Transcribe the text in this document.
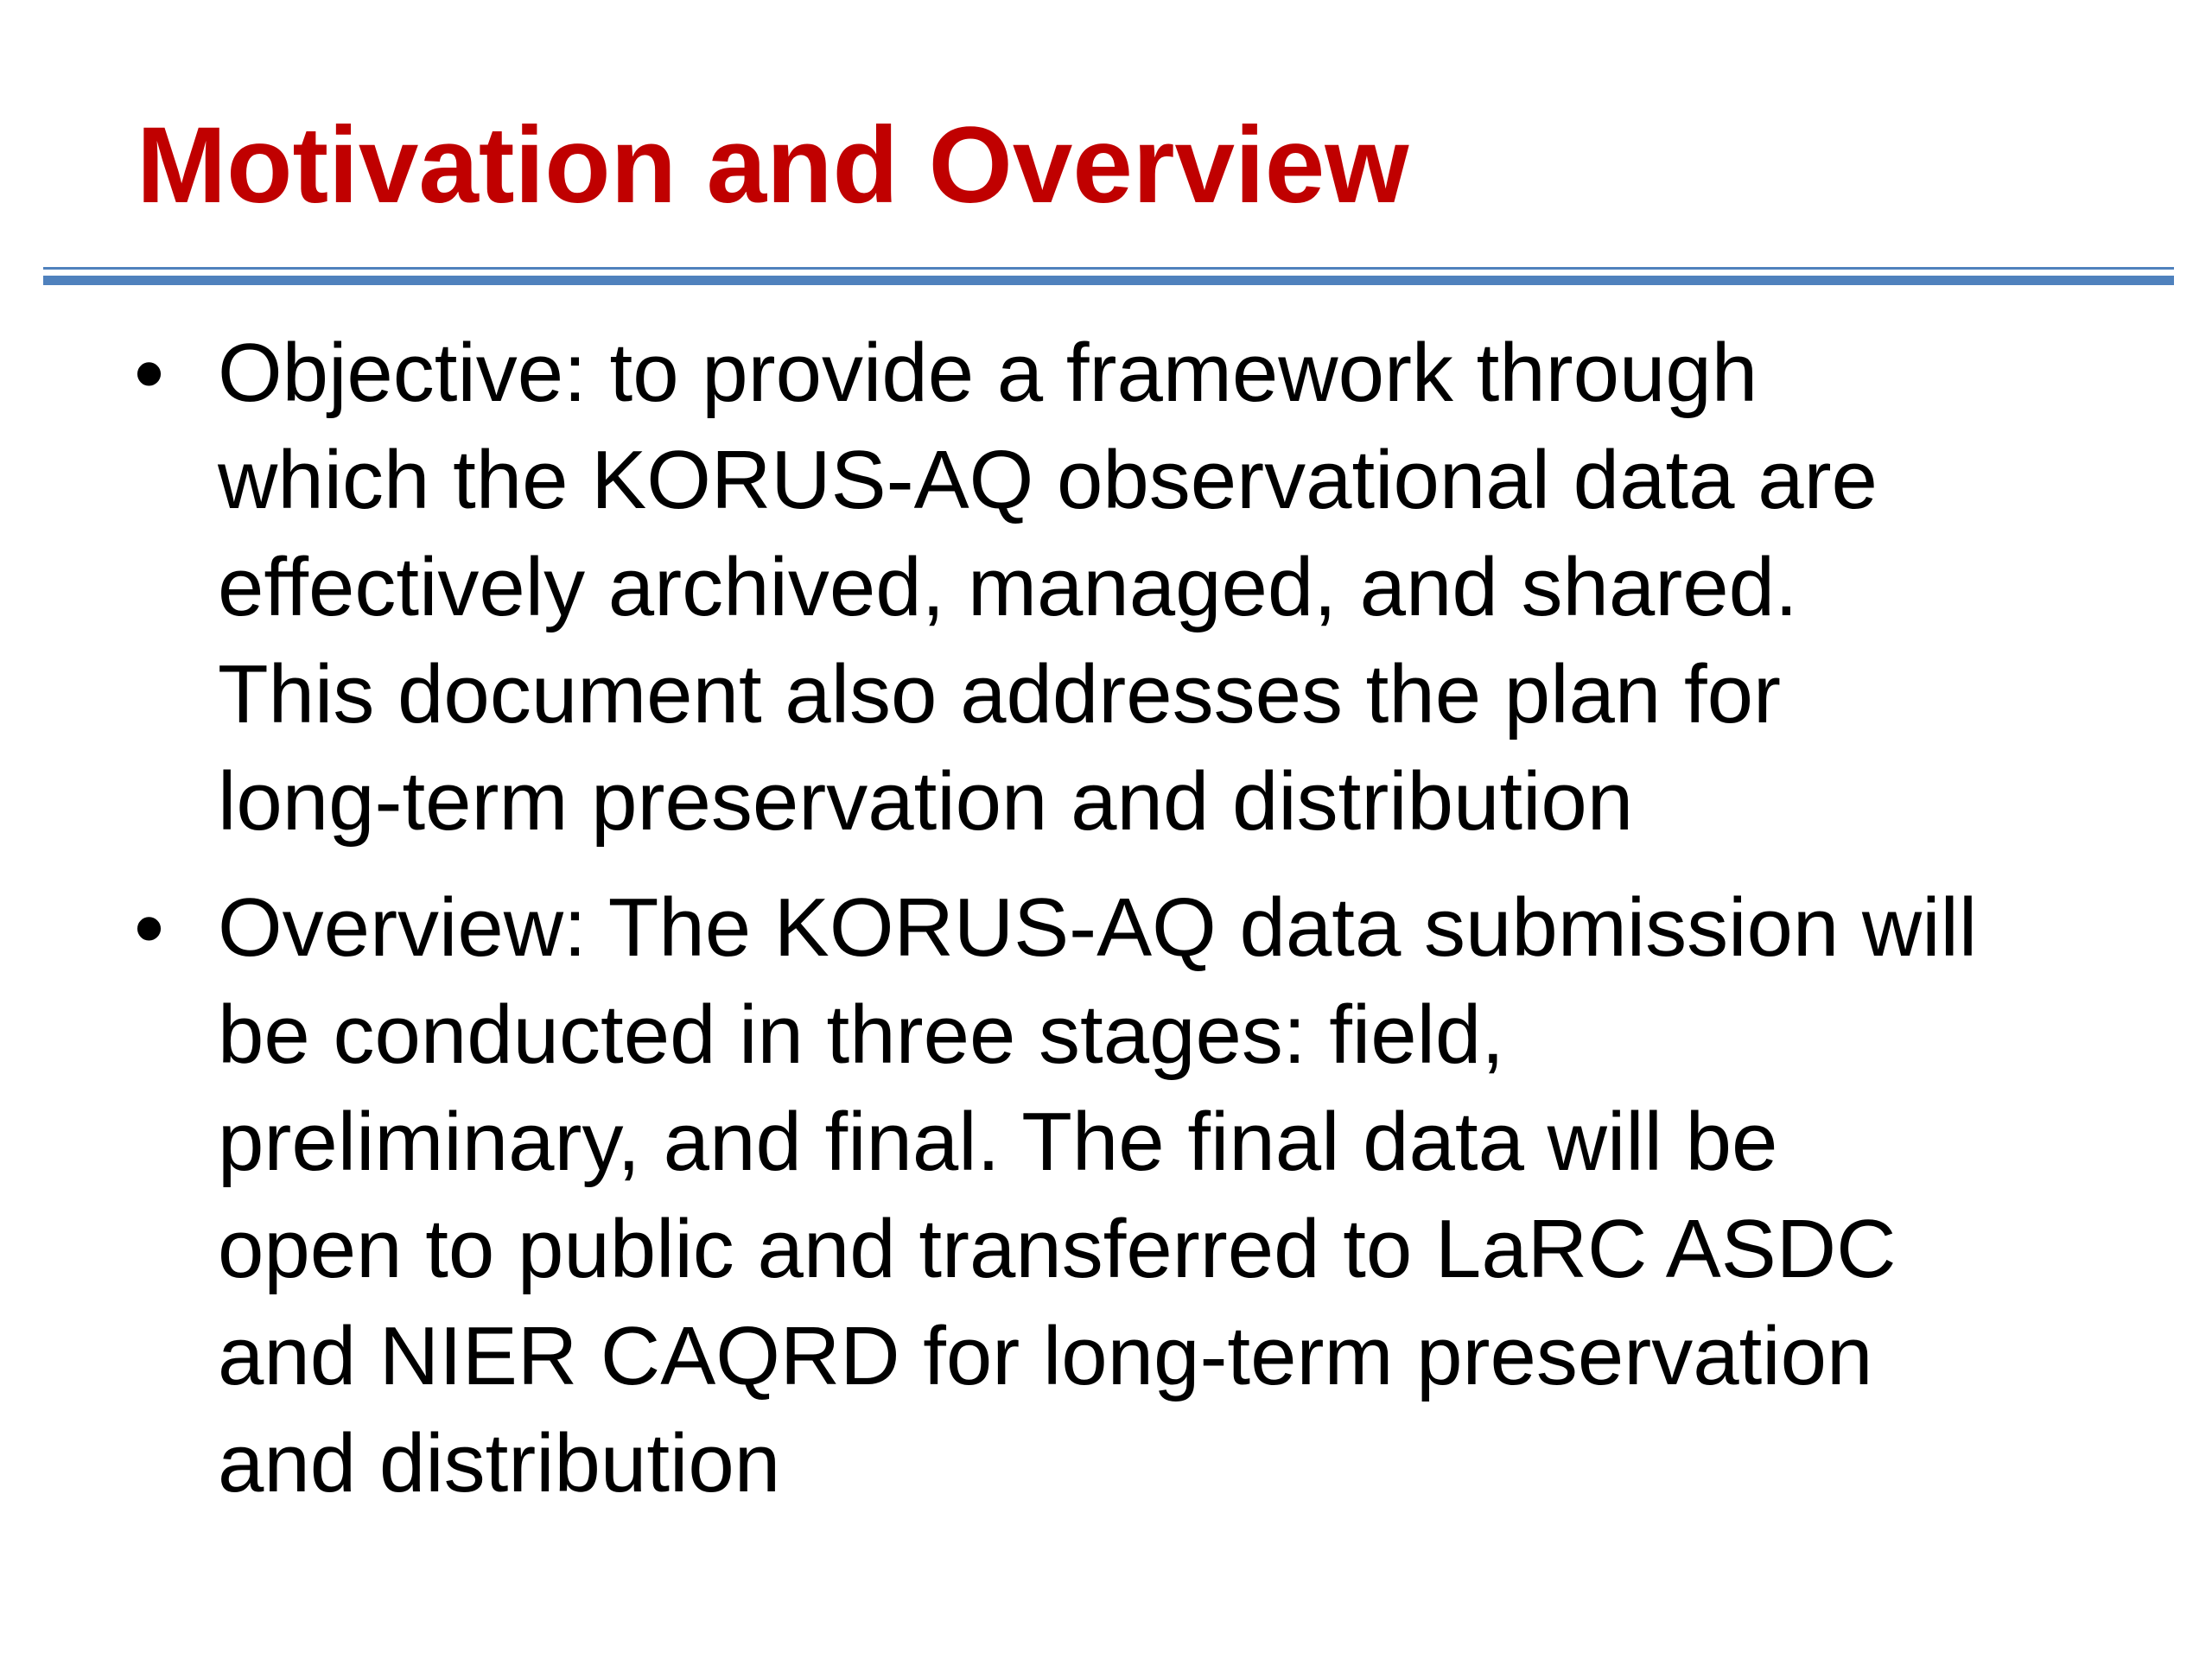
Motivation and Overview
• Objective: to provide a framework through
which the KORUS-AQ observational data are
effectively archived, managed, and shared.
This document also addresses the plan for
long-term preservation and distribution
• Overview: The KORUS-AQ data submission will
be conducted in three stages: field,
preliminary, and final. The final data will be
open to public and transferred to LaRC ASDC
and NIER CAQRD for long-term preservation
and distribution
